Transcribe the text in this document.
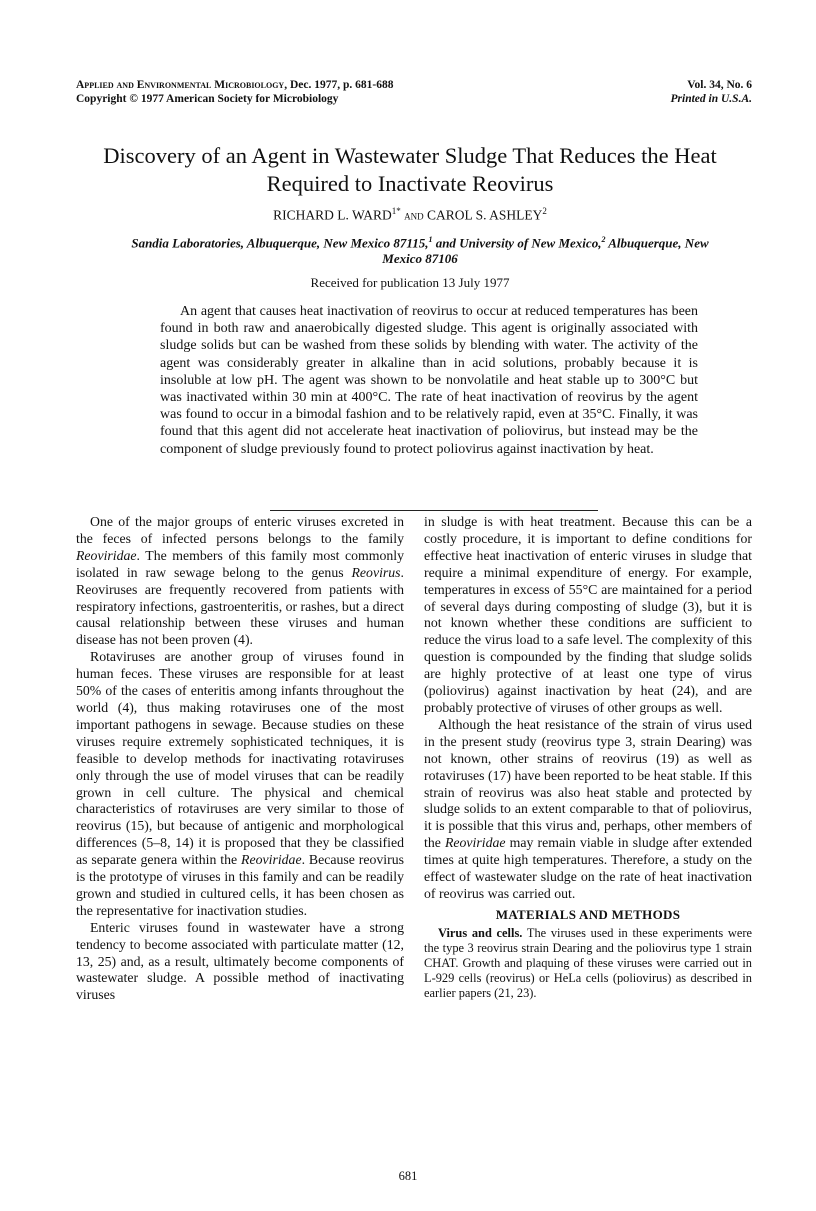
Applied and Environmental Microbiology, Dec. 1977, p. 681-688
Copyright © 1977 American Society for Microbiology
Vol. 34, No. 6
Printed in U.S.A.
Discovery of an Agent in Wastewater Sludge That Reduces the Heat Required to Inactivate Reovirus
RICHARD L. $WARD^{1*}$ and CAROL S. ASHLEY$^2$
Sandia Laboratories, Albuquerque, New Mexico 87115,$^1$ and University of New Mexico,$^2$ Albuquerque, New Mexico 87106
Received for publication 13 July 1977
An agent that causes heat inactivation of reovirus to occur at reduced temperatures has been found in both raw and anaerobically digested sludge. This agent is originally associated with sludge solids but can be washed from these solids by blending with water. The activity of the agent was considerably greater in alkaline than in acid solutions, probably because it is insoluble at low pH. The agent was shown to be nonvolatile and heat stable up to 300°C but was inactivated within 30 min at 400°C. The rate of heat inactivation of reovirus by the agent was found to occur in a bimodal fashion and to be relatively rapid, even at 35°C. Finally, it was found that this agent did not accelerate heat inactivation of poliovirus, but instead may be the component of sludge previously found to protect poliovirus against inactivation by heat.

One of the major groups of enteric viruses excreted in the feces of infected persons belongs to the family Reoviridae. The members of this family most commonly isolated in raw sewage belong to the genus Reovirus. Reoviruses are frequently recovered from patients with respiratory infections, gastroenteritis, or rashes, but a direct causal relationship between these viruses and human disease has not been proven (4).

Rotaviruses are another group of viruses found in human feces. These viruses are responsible for at least 50% of the cases of enteritis among infants throughout the world (4), thus making rotaviruses one of the most important pathogens in sewage. Because studies on these viruses require extremely sophisticated techniques, it is feasible to develop methods for inactivating rotaviruses only through the use of model viruses that can be readily grown in cell culture. The physical and chemical characteristics of rotaviruses are very similar to those of reovirus (15), but because of antigenic and morphological differences (5–8, 14) it is proposed that they be classified as separate genera within the Reoviridae. Because reovirus is the prototype of viruses in this family and can be readily grown and studied in cultured cells, it has been chosen as the representative for inactivation studies.

Enteric viruses found in wastewater have a strong tendency to become associated with particulate matter (12, 13, 25) and, as a result, ultimately become components of wastewater sludge. A possible method of inactivating viruses

in sludge is with heat treatment. Because this can be a costly procedure, it is important to define conditions for effective heat inactivation of enteric viruses in sludge that require a minimal expenditure of energy. For example, temperatures in excess of 55°C are maintained for a period of several days during composting of sludge (3), but it is not known whether these conditions are sufficient to reduce the virus load to a safe level. The complexity of this question is compounded by the finding that sludge solids are highly protective of at least one type of virus (poliovirus) against inactivation by heat (24), and are probably protective of viruses of other groups as well.

Although the heat resistance of the strain of virus used in the present study (reovirus type 3, strain Dearing) was not known, other strains of reovirus (19) as well as rotaviruses (17) have been reported to be heat stable. If this strain of reovirus was also heat stable and protected by sludge solids to an extent comparable to that of poliovirus, it is possible that this virus and, perhaps, other members of the Reoviridae may remain viable in sludge after extended times at quite high temperatures. Therefore, a study on the effect of wastewater sludge on the rate of heat inactivation of reovirus was carried out.

MATERIALS AND METHODS

Virus and cells. The viruses used in these experiments were the type 3 reovirus strain Dearing and the poliovirus type 1 strain CHAT. Growth and plaquing of these viruses were carried out in L-929 cells (reovirus) or HeLa cells (poliovirus) as described in earlier papers (21, 23).

681
